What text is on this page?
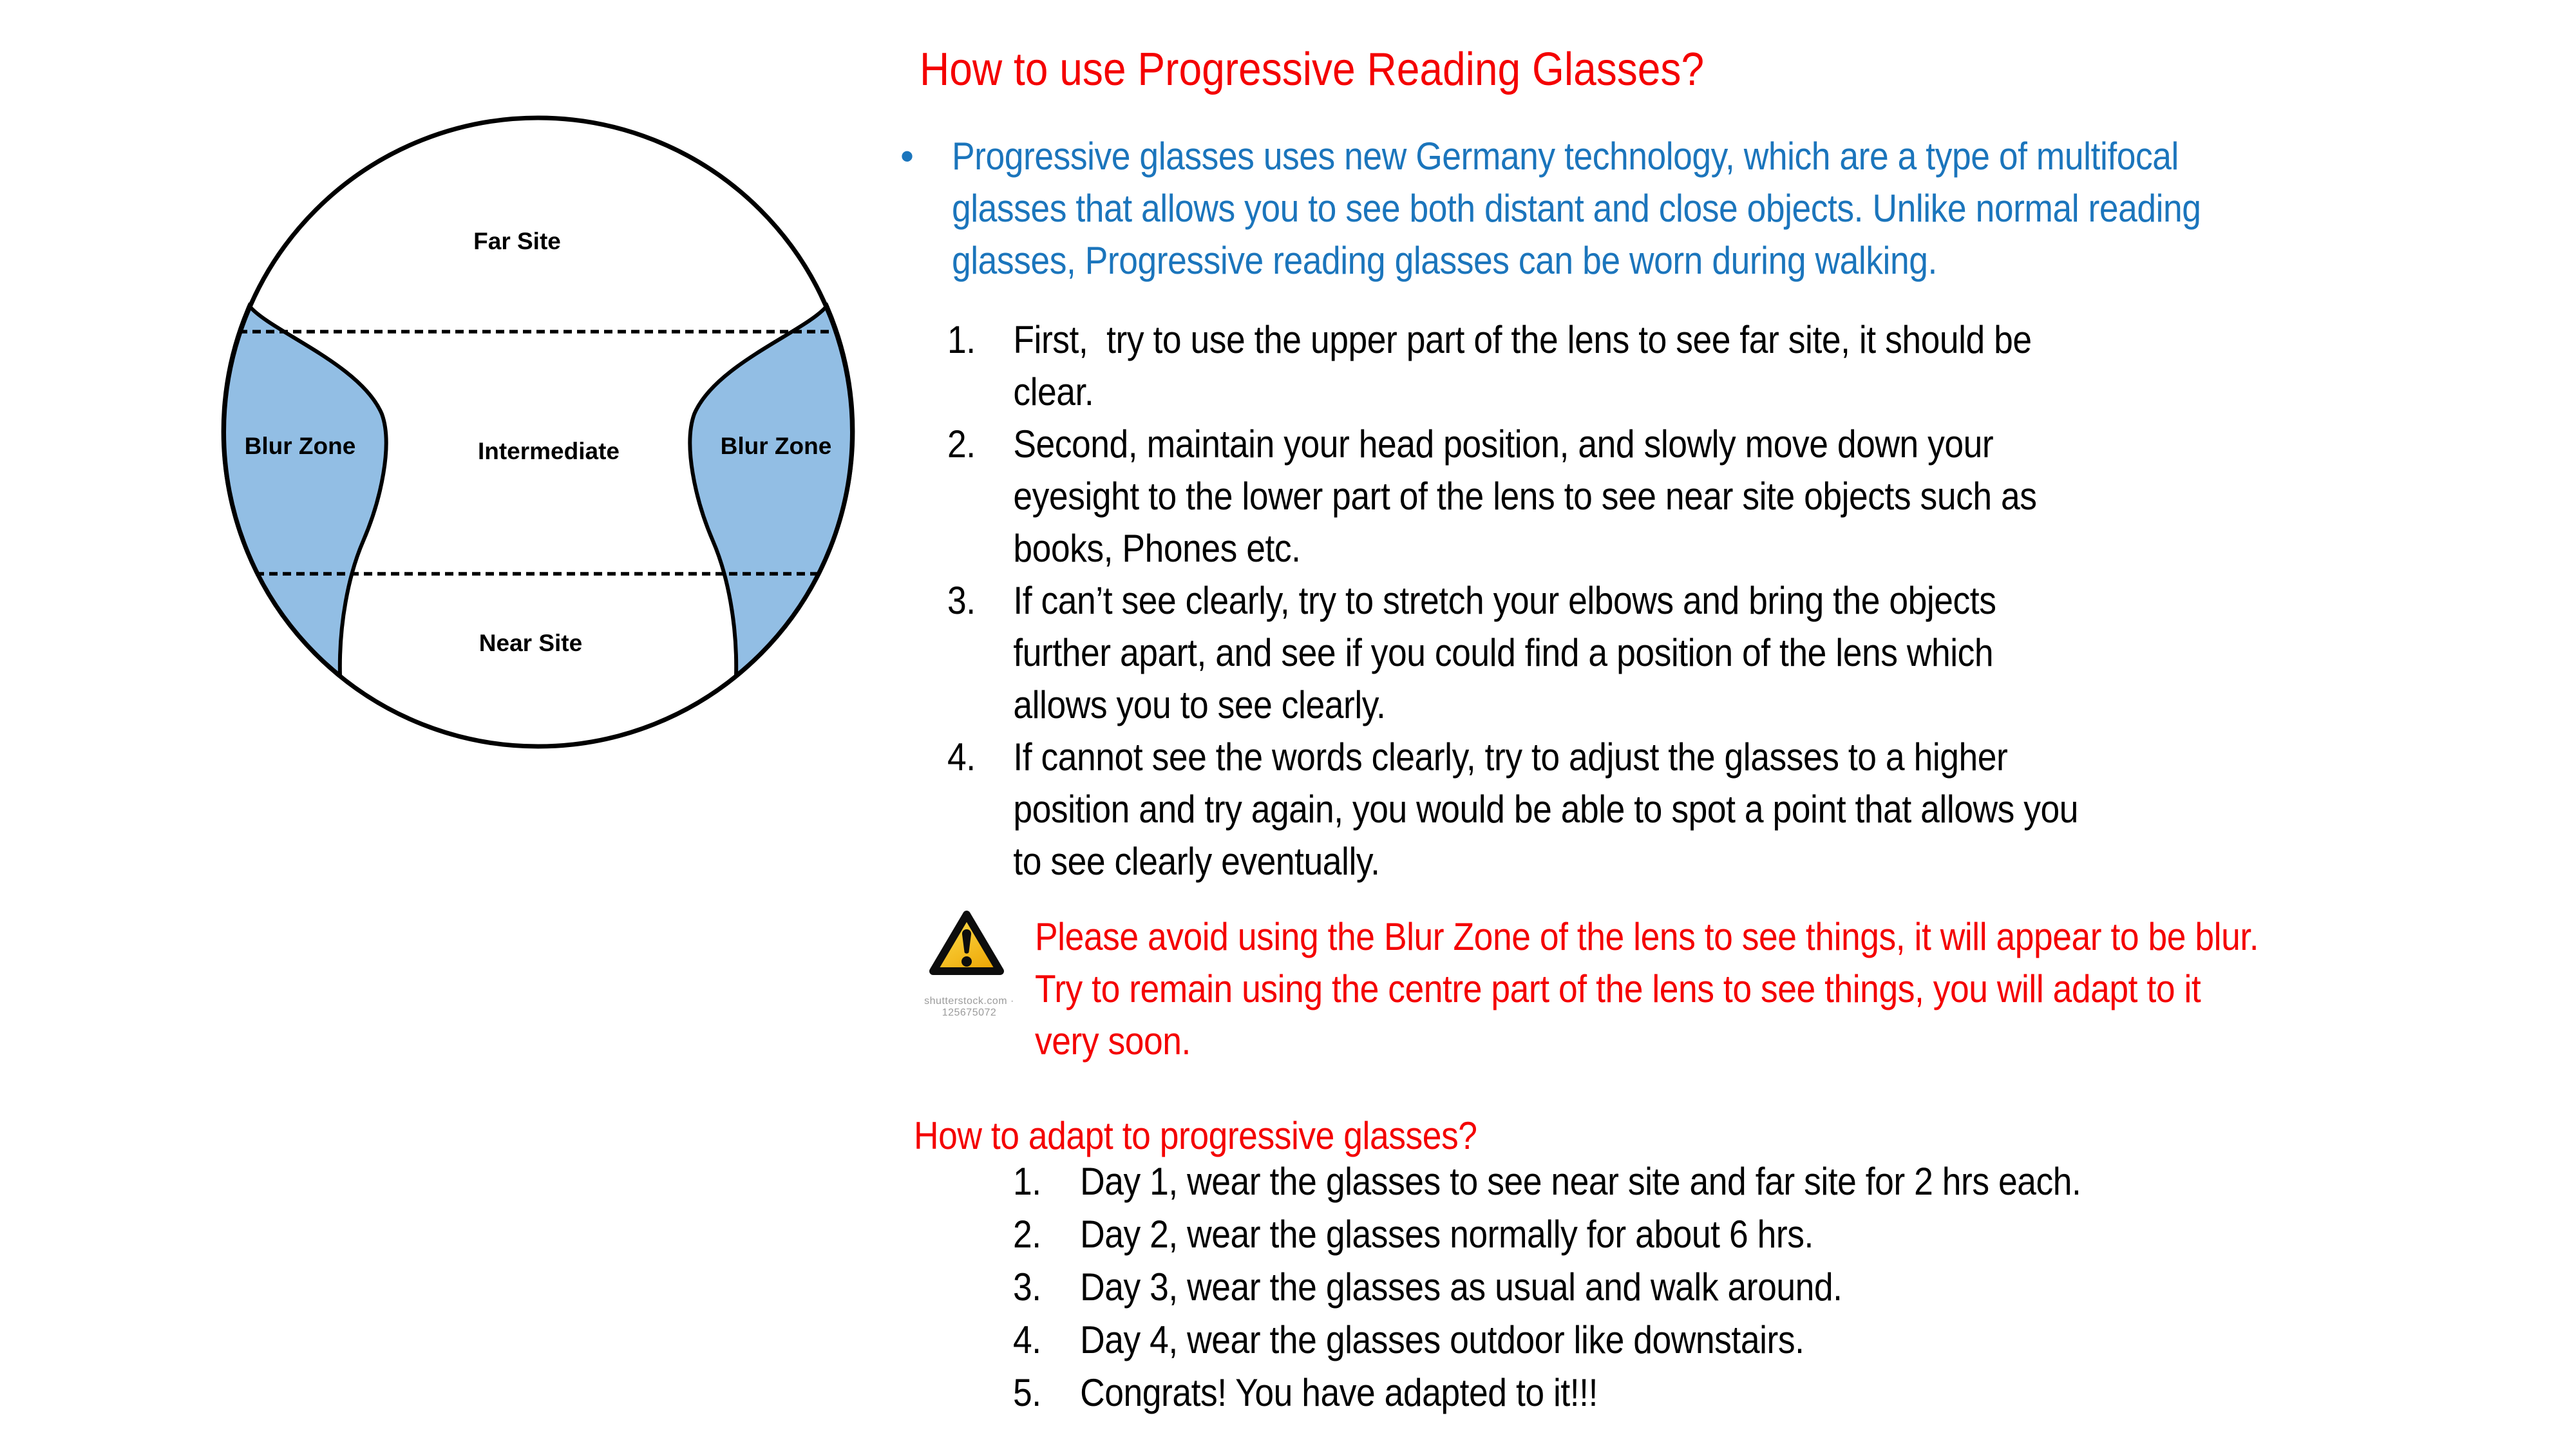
Far Site
Intermediate
Near Site
Blur Zone	Blur Zone
How to use Progressive Reading Glasses?
• Progressive glasses uses new Germany technology, which are a type of multifocal
glasses that allows you to see both distant and close objects. Unlike normal reading
glasses, Progressive reading glasses can be worn during walking.
1. First,  try to use the upper part of the lens to see far site, it should be
clear.
2. Second, maintain your head position, and slowly move down your
eyesight to the lower part of the lens to see near site objects such as
books, Phones etc.
3. If can’t see clearly, try to stretch your elbows and bring the objects
further apart, and see if you could find a position of the lens which
allows you to see clearly.
4. If cannot see the words clearly, try to adjust the glasses to a higher
position and try again, you would be able to spot a point that allows you
to see clearly eventually.
shutterstock.com · 125675072
Please avoid using the Blur Zone of the lens to see things, it will appear to be blur.
Try to remain using the centre part of the lens to see things, you will adapt to it
very soon.
How to adapt to progressive glasses?
1.	Day 1, wear the glasses to see near site and far site for 2 hrs each.
2.	Day 2, wear the glasses normally for about 6 hrs.
3.	Day 3, wear the glasses as usual and walk around.
4.	Day 4, wear the glasses outdoor like downstairs.
5.	Congrats! You have adapted to it!!!
